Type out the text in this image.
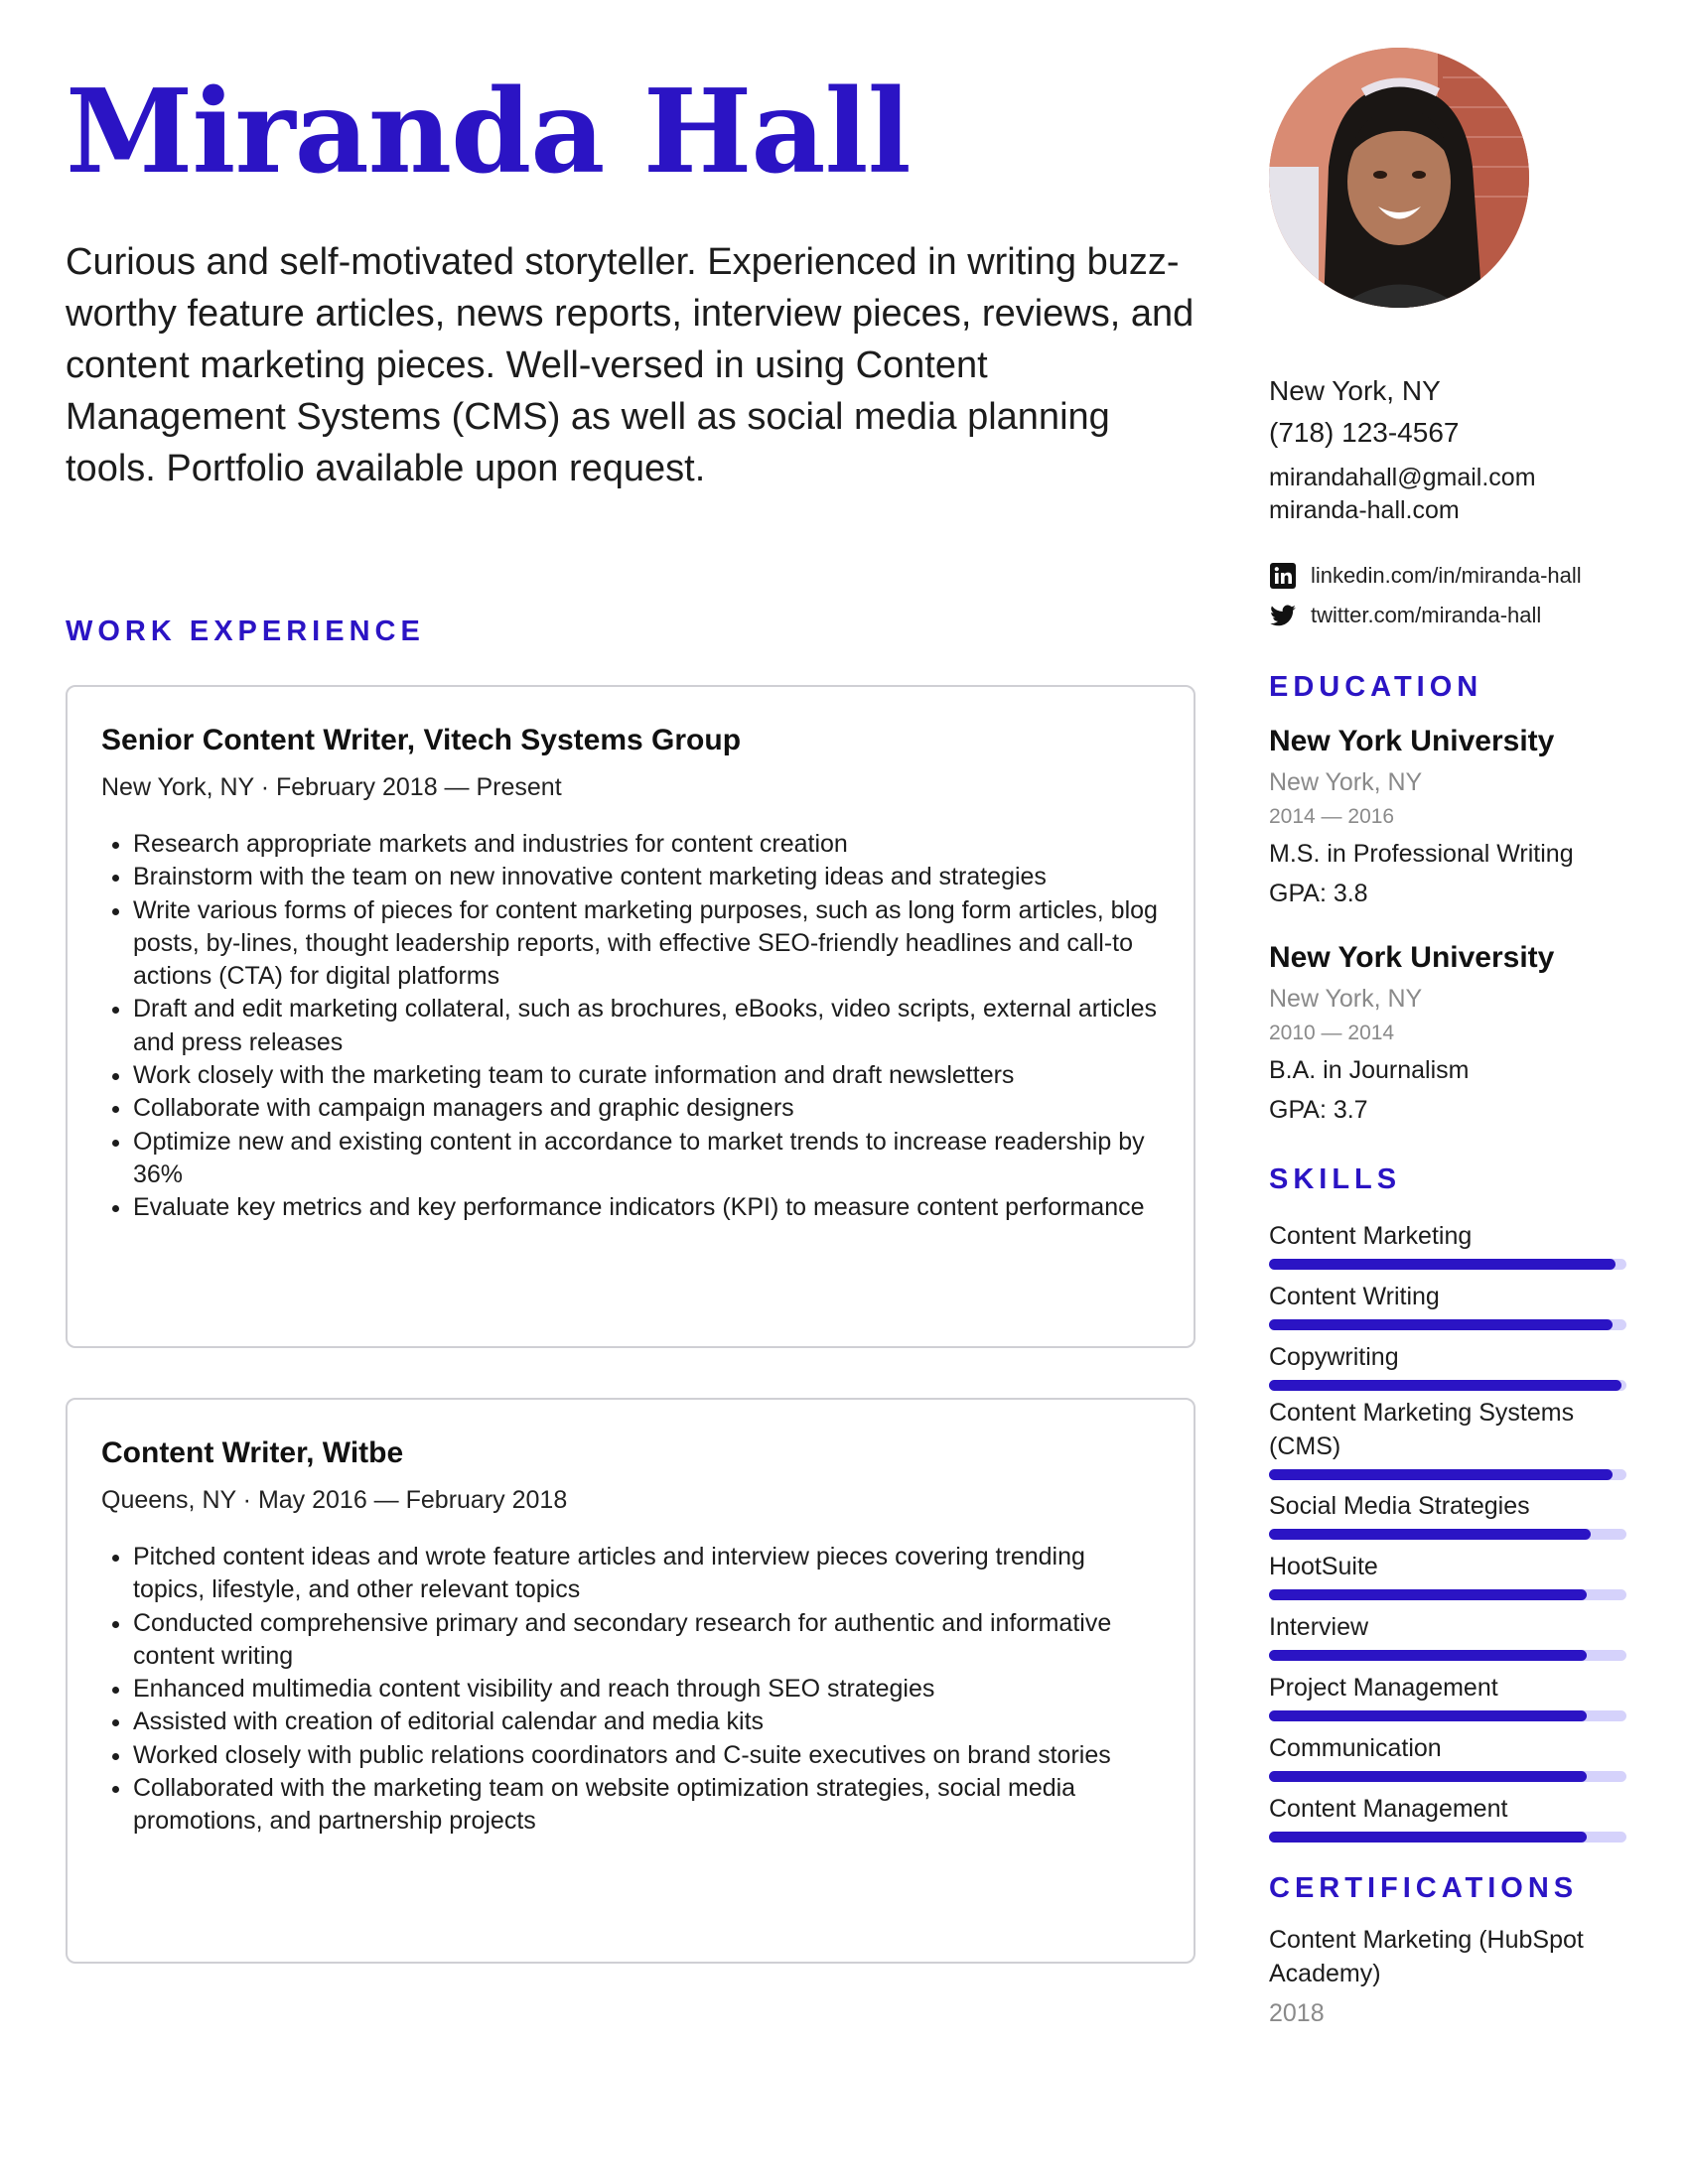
Miranda Hall

Curious and self-motivated storyteller. Experienced in writing buzz-worthy feature articles, news reports, interview pieces, reviews, and content marketing pieces. Well-versed in using Content Management Systems (CMS) as well as social media planning tools. Portfolio available upon request.

WORK EXPERIENCE

Senior Content Writer, Vitech Systems Group

New York, NY · February 2018 — Present

• Research appropriate markets and industries for content creation
• Brainstorm with the team on new innovative content marketing ideas and strategies
• Write various forms of pieces for content marketing purposes, such as long form articles, blog posts, by-lines, thought leadership reports, with effective SEO-friendly headlines and call-to actions (CTA) for digital platforms
• Draft and edit marketing collateral, such as brochures, eBooks, video scripts, external articles and press releases
• Work closely with the marketing team to curate information and draft newsletters
• Collaborate with campaign managers and graphic designers
• Optimize new and existing content in accordance to market trends to increase readership by 36%
• Evaluate key metrics and key performance indicators (KPI) to measure content performance

Content Writer, Witbe

Queens, NY · May 2016 — February 2018

• Pitched content ideas and wrote feature articles and interview pieces covering trending topics, lifestyle, and other relevant topics
• Conducted comprehensive primary and secondary research for authentic and informative content writing
• Enhanced multimedia content visibility and reach through SEO strategies
• Assisted with creation of editorial calendar and media kits
• Worked closely with public relations coordinators and C-suite executives on brand stories
• Collaborated with the marketing team on website optimization strategies, social media promotions, and partnership projects

New York, NY

(718) 123-4567

mirandahall@gmail.com

miranda-hall.com

linkedin.com/in/miranda-hall
twitter.com/miranda-hall
EDUCATION

New York University

New York, NY

2014 — 2016

M.S. in Professional Writing

GPA: 3.8

New York University

New York, NY

2010 — 2014

B.A. in Journalism

GPA: 3.7

SKILLS

Content Marketing

Content Writing

Copywriting

Content Marketing Systems (CMS)

Social Media Strategies

HootSuite

Interview

Project Management

Communication

Content Management

CERTIFICATIONS

Content Marketing (HubSpot Academy)

2018
